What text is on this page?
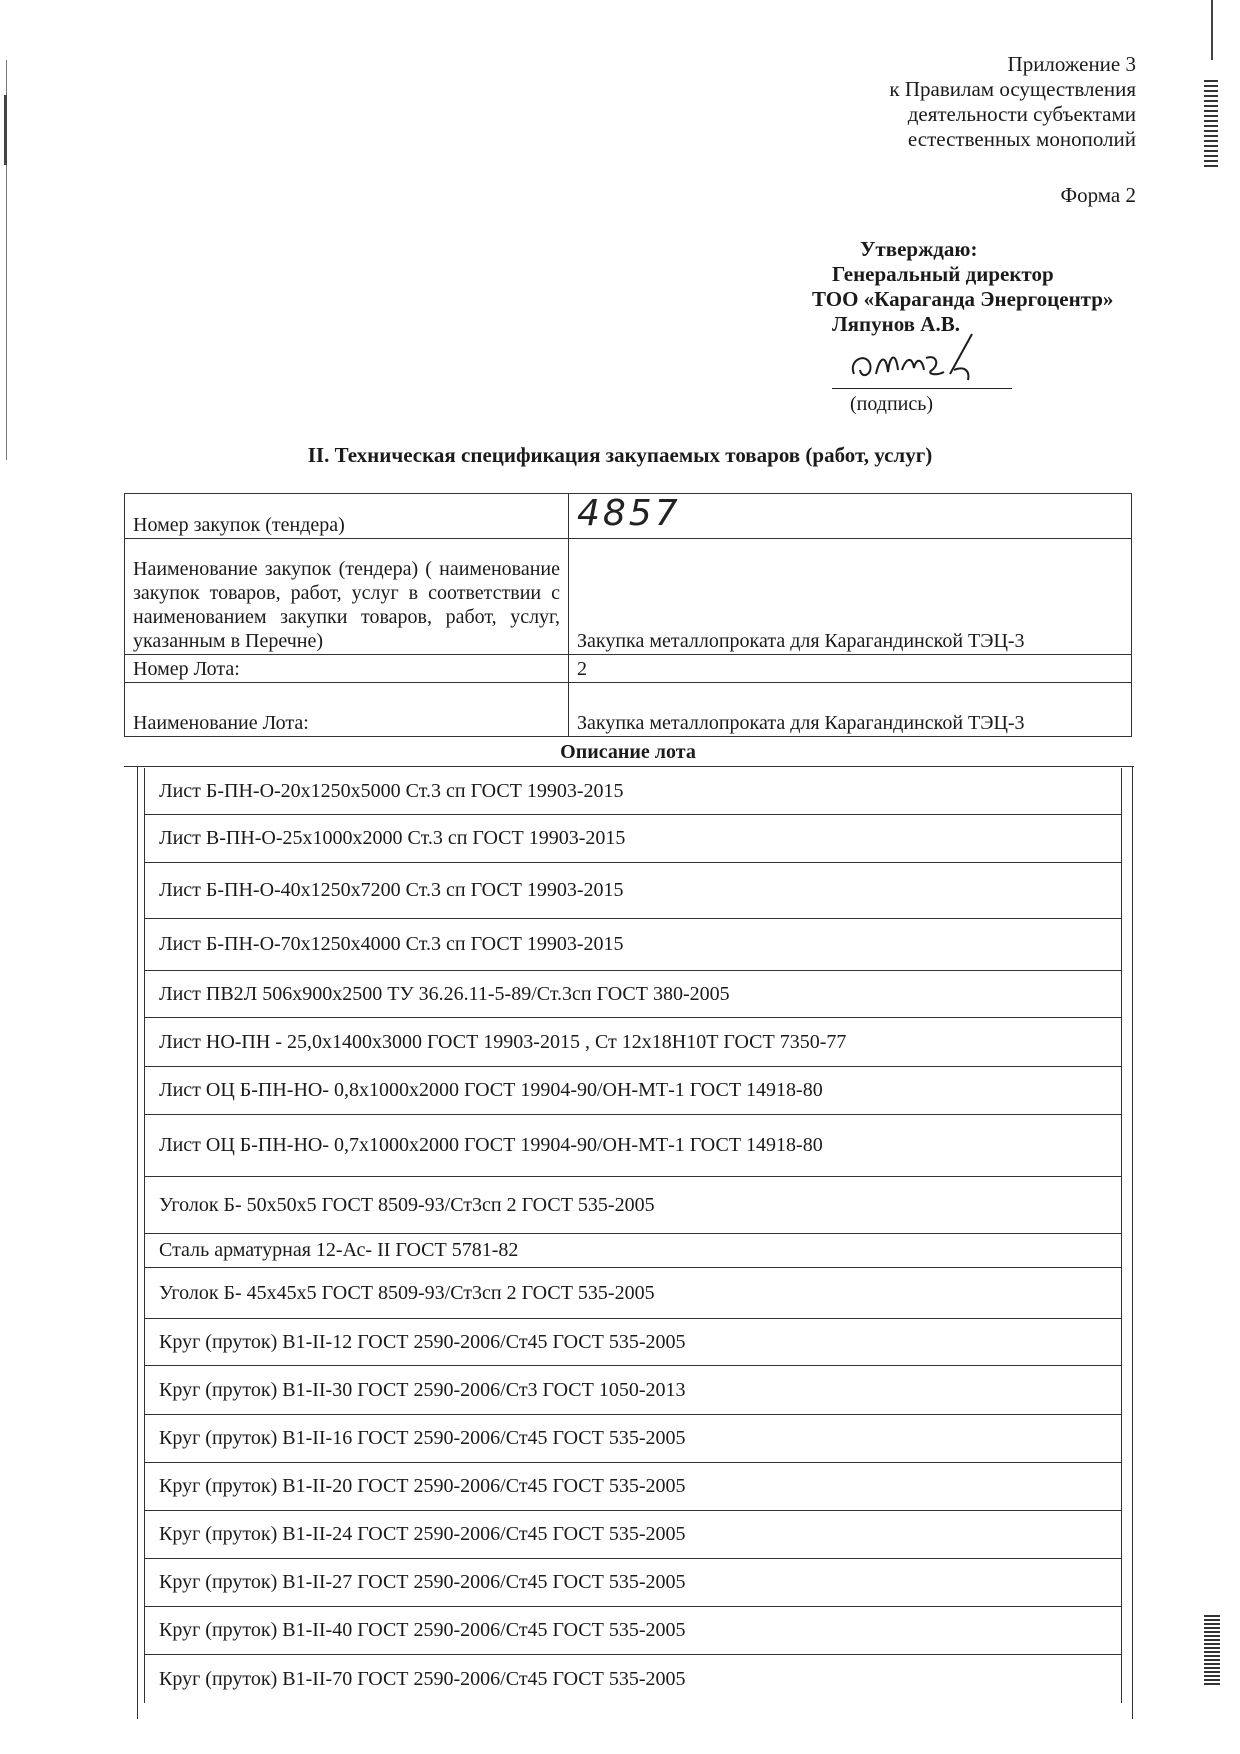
Приложение 3
к Правилам осуществления
деятельности субъектами
естественных монополий
Форма 2
Утверждаю:
Генеральный директор
ТОО «Караганда Энергоцентр»
Ляпунов А.В.
(подпись)
II. Техническая спецификация закупаемых товаров (работ, услуг)
Номер закупок (тендера)	4857
Наименование закупок (тендера) ( наименование закупок товаров, работ, услуг в соответствии с наименованием закупки товаров, работ, услуг, указанным в Перечне)	Закупка металлопроката для Карагандинской ТЭЦ-3
Номер Лота:	2
Наименование Лота:	Закупка металлопроката для Карагандинской ТЭЦ-3
Описание лота
Лист Б-ПН-О-20х1250х5000 Ст.3 сп ГОСТ 19903-2015
Лист В-ПН-О-25х1000х2000 Ст.3 сп ГОСТ 19903-2015
Лист Б-ПН-О-40х1250х7200 Ст.3 сп ГОСТ 19903-2015
Лист Б-ПН-О-70х1250х4000 Ст.3 сп ГОСТ 19903-2015
Лист ПВ2Л 506х900х2500 ТУ 36.26.11-5-89/Ст.3сп ГОСТ 380-2005
Лист НО-ПН - 25,0х1400х3000 ГОСТ 19903-2015 , Ст 12х18Н10Т ГОСТ 7350-77
Лист ОЦ Б-ПН-НО- 0,8х1000х2000 ГОСТ 19904-90/ОН-МТ-1 ГОСТ 14918-80
Лист ОЦ Б-ПН-НО- 0,7х1000х2000 ГОСТ 19904-90/ОН-МТ-1 ГОСТ 14918-80
Уголок Б- 50х50х5 ГОСТ 8509-93/Ст3сп 2 ГОСТ 535-2005
Сталь арматурная 12-Ас- II ГОСТ 5781-82
Уголок Б- 45х45х5 ГОСТ 8509-93/Ст3сп 2 ГОСТ 535-2005
Круг (пруток) В1-II-12 ГОСТ 2590-2006/Ст45 ГОСТ 535-2005
Круг (пруток) В1-II-30 ГОСТ 2590-2006/Ст3 ГОСТ 1050-2013
Круг (пруток) В1-II-16 ГОСТ 2590-2006/Ст45 ГОСТ 535-2005
Круг (пруток) В1-II-20 ГОСТ 2590-2006/Ст45 ГОСТ 535-2005
Круг (пруток) В1-II-24 ГОСТ 2590-2006/Ст45 ГОСТ 535-2005
Круг (пруток) В1-II-27 ГОСТ 2590-2006/Ст45 ГОСТ 535-2005
Круг (пруток) В1-II-40 ГОСТ 2590-2006/Ст45 ГОСТ 535-2005
Круг (пруток) В1-II-70 ГОСТ 2590-2006/Ст45 ГОСТ 535-2005
